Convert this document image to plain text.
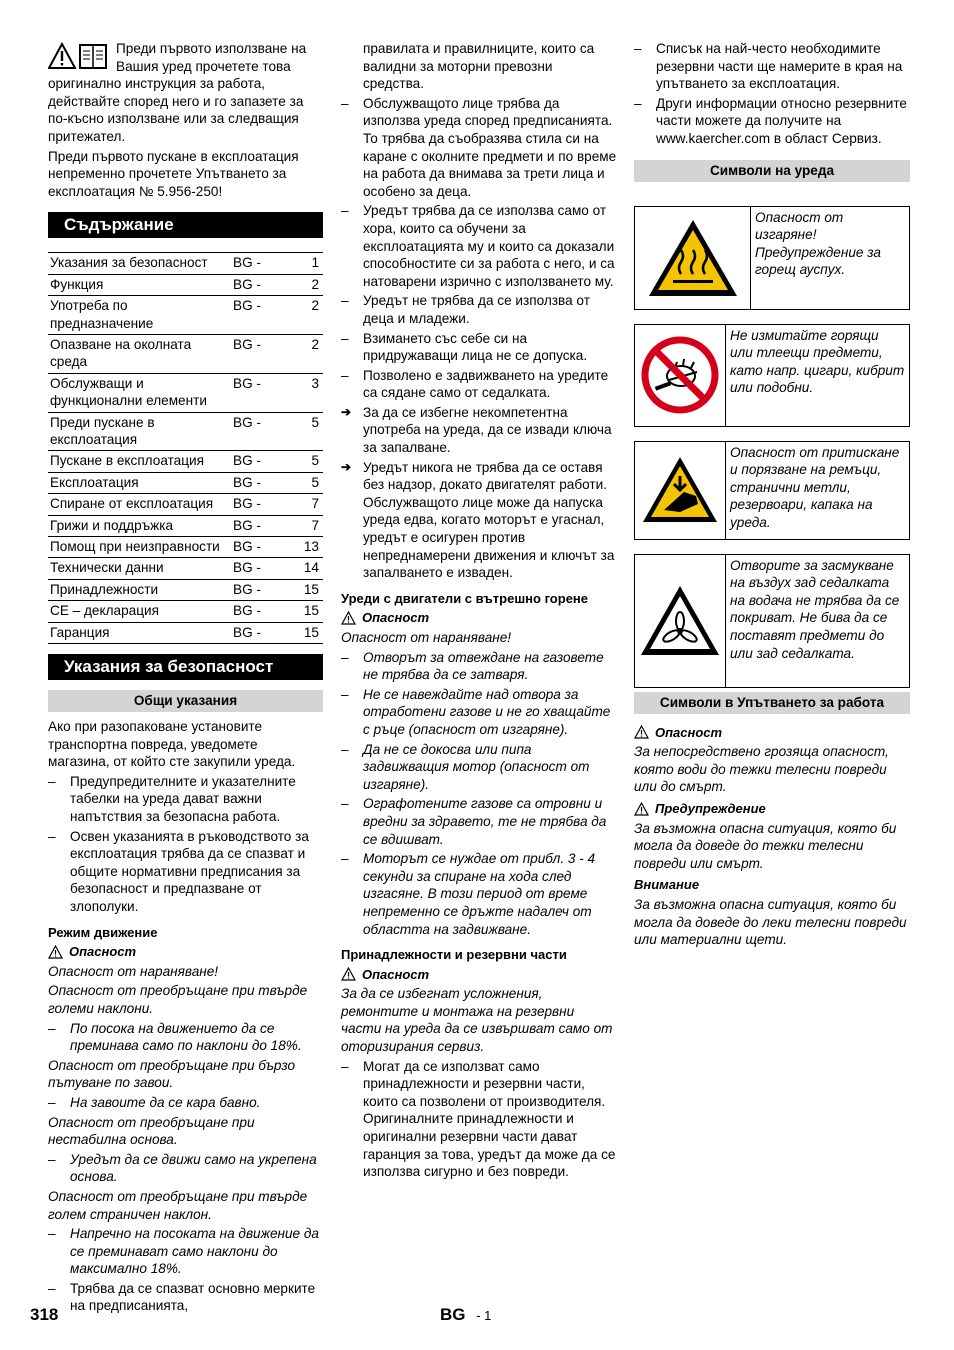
Преди първото използване на Вашия уред прочетете това оригинално инструкция за работа, действайте според него и го запазете за по-късно използване или за следващия притежател.

Преди първото пускане в експлоатация непременно прочетете Упътването за експлоатация № 5.956-250!

Съдържание
Указания за безопасност	BG -	1
Функция	BG -	2
Употреба по предназначение	BG -	2
Опазване на околната среда	BG -	2
Обслужващи и функционални елементи	BG -	3
Преди пускане в експлоатация	BG -	5
Пускане в експлоатация	BG -	5
Експлоатация	BG -	5
Спиране от експлоатация	BG -	7
Грижи и поддръжка	BG -	7
Помощ при неизправности	BG -	13
Технически данни	BG -	14
Принадлежности	BG -	15
CE – декларация	BG -	15
Гаранция	BG -	15
Указания за безопасност
Общи указания

Ако при разопаковане установите транспортна повреда, уведомете магазина, от който сте закупили уреда.

– Предупредителните и указателните табелки на уреда дават важни напътствия за безопасна работа.
– Освен указанията в ръководството за експлоатация трябва да се спазват и общите нормативни предписания за безопасност и предпазване от злополуки.
Режим движение
Опасност

Опасност от нараняване!

Опасност от преобръщане при твърде големи наклони.

– По посока на движението да се преминава само по наклони до 18%.

Опасност от преобръщане при бързо пътуване по завои.

– На завоите да се кара бавно.

Опасност от преобръщане при нестабилна основа.

– Уредът да се движи само на укрепена основа.

Опасност от преобръщане при твърде голем страничен наклон.

– Напречно на посоката на движение да се преминават само наклони до максимално 18%.
– Трябва да се спазват основно мерките на предписанията,

правилата и правилниците, които са валидни за моторни превозни средства.

– Обслужващото лице трябва да използва уреда според предписанията. То трябва да съобразява стила си на каране с околните предмети и по време на работа да внимава за трети лица и особено за деца.
– Уредът трябва да се използва само от хора, които са обучени за експлоатацията му и които са доказали способностите си за работа с него, и са натоварени изрично с използването му.
– Уредът не трябва да се използва от деца и младежи.
– Взимането със себе си на придружаващи лица не се допуска.
– Позволено е задвижването на уредите са сядане само от седалката.
➔ За да се избегне некомпетентна употреба на уреда, да се извади ключа за запалване.
➔ Уредът никога не трябва да се оставя без надзор, докато двигателят работи. Обслужващото лице може да напуска уреда едва, когато моторът е угаснал, уредът е осигурен против непреднамерени движения и ключът за запалването е изваден.
Уреди с двигатели с вътрешно горене
Опасност

Опасност от нараняване!

– Отворът за отвеждане на газовете не трябва да се затваря.
– Не се навеждайте над отвора за отработени газове и не го хващайте с ръце (опасност от изгаряне).
– Да не се докосва или пипа задвижващия мотор (опасност от изгаряне).
– Ографотените газове са отровни и вредни за здравето, те не трябва да се вдишват.
– Моторът се нуждае от прибл. 3 - 4 секунди за спиране на хода след изгасяне. В този период от време непременно се дръжте надалеч от областта на задвижване.
Принадлежности и резервни части
Опасност

За да се избегнат усложнения, ремонтите и монтажа на резервни части на уреда да се извършват само от оторизирания сервиз.

– Могат да се използват само принадлежности и резервни части, които са позволени от производителя. Оригиналните принадлежности и оригинални резервни части дават гаранция за това, уредът да може да се използва сигурно и без повреди.
– Списък на най-често необходимите резервни части ще намерите в края на упътването за експлоатация.
– Други информации относно резервните части можете да получите на www.kaercher.com в област Сервиз.
Символи на уреда
Опасност от изгаряне! Предупреждение за горещ ауспух.
Не измитайте горящи или тлеещи предмети, като напр. цигари, кибрит или подобни.
Опасност от притискане и порязване на ремъци, странични метли, резервоари, капака на уреда.
Отворите за засмукване на въздух зад седалката на водача не трябва да се покриват. Не бива да се поставят предмети до или зад седалката.
Символи в Упътването за работа
Опасност

За непосредствено грозяща опасност, която води до тежки телесни повреди или до смърт.

Предупреждение

За възможна опасна ситуация, която би могла да доведе до тежки телесни повреди или смърт.

Внимание

За възможна опасна ситуация, която би могла да доведе до леки телесни повреди или материални щети.

318	BG - 1
